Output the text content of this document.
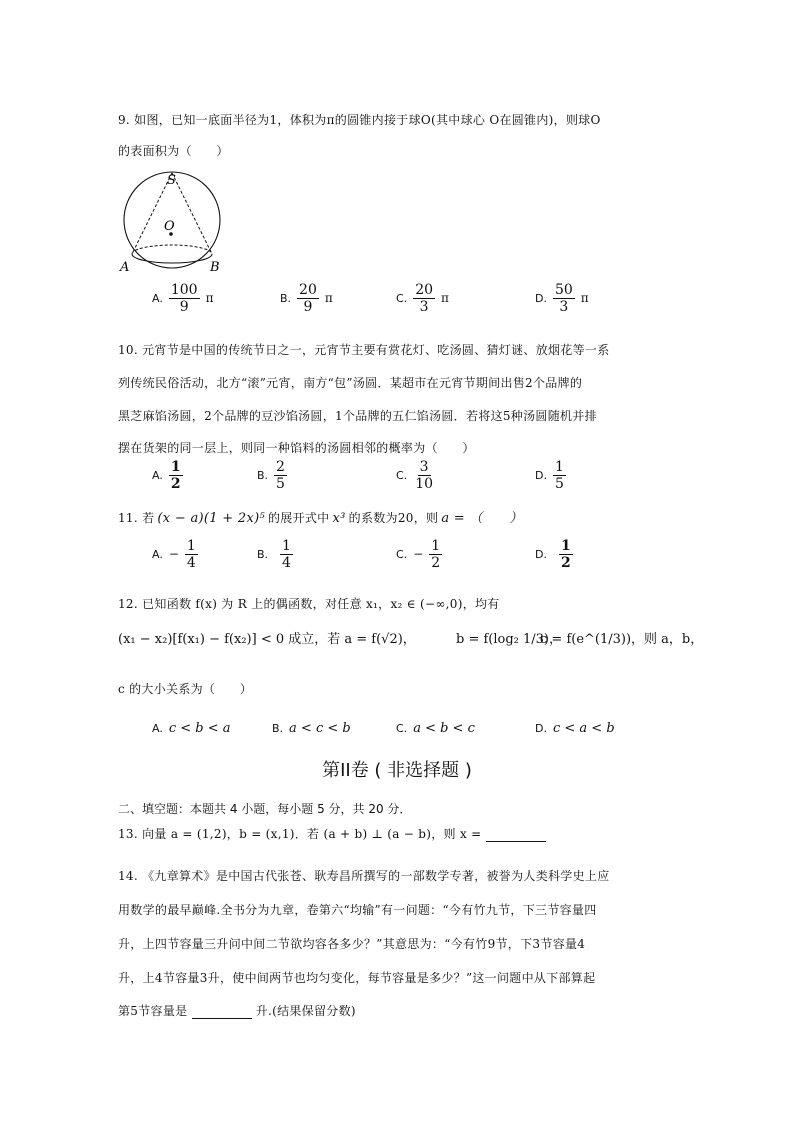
9. 如图，已知一底面半径为1，体积为π的圆锥内接于球O(其中球心 O在圆锥内)，则球O
的表面积为（　　）
S
O
A	B
A. $\frac{100}{9}$ π	B. $\frac{20}{9}$ π	C. $\frac{20}{3}$ π	D. $\frac{50}{3}$ π
10. 元宵节是中国的传统节日之一，元宵节主要有赏花灯、吃汤圆、猜灯谜、放烟花等一系
列传统民俗活动，北方“滚”元宵，南方“包”汤圆．某超市在元宵节期间出售2个品牌的
黑芝麻馅汤圆，2个品牌的豆沙馅汤圆，1个品牌的五仁馅汤圆．若将这5种汤圆随机并排
摆在货架的同一层上，则同一种馅料的汤圆相邻的概率为（　　）
A. $\frac{1}{2}$	B. $\frac{2}{5}$	C. $\frac{3}{10}$	D. $\frac{1}{5}$
11. 若 (x − a)(1 + 2x)⁵ 的展开式中 x³ 的系数为20，则 a = （　　）
A. − $\frac{1}{4}$	B. $\frac{1}{4}$	C. − $\frac{1}{2}$	D. $\frac{1}{2}$
12. 已知函数 f(x) 为 R 上的偶函数，对任意 x₁，x₂ ∈ (−∞,0)，均有
(x₁ − x₂)[f(x₁) − f(x₂)] < 0 成立，若 a = f(√2)，	b = f(log₂ 1/3)，
c = f(e^(1/3))，则 a，b，
c 的大小关系为（　　）
A. c < b < a	B. a < c < b	C. a < b < c	D. c < a < b
第II卷 ( 非选择题 )
二、填空题：本题共 4 小题，每小题 5 分，共 20 分．
13. 向量 a = (1,2)，b = (x,1)．若 (a + b) ⊥ (a − b)，则 x =
14. 《九章算术》是中国古代张苍、耿寿昌所撰写的一部数学专著，被誉为人类科学史上应
用数学的最早巅峰.全书分为九章，卷第六“均输”有一问题：“今有竹九节，下三节容量四
升，上四节容量三升问中间二节欲均容各多少？”其意思为：“今有竹9节，下3节容量4
升，上4节容量3升，使中间两节也均匀变化，每节容量是多少？”这一问题中从下部算起
第5节容量是	升.(结果保留分数)
